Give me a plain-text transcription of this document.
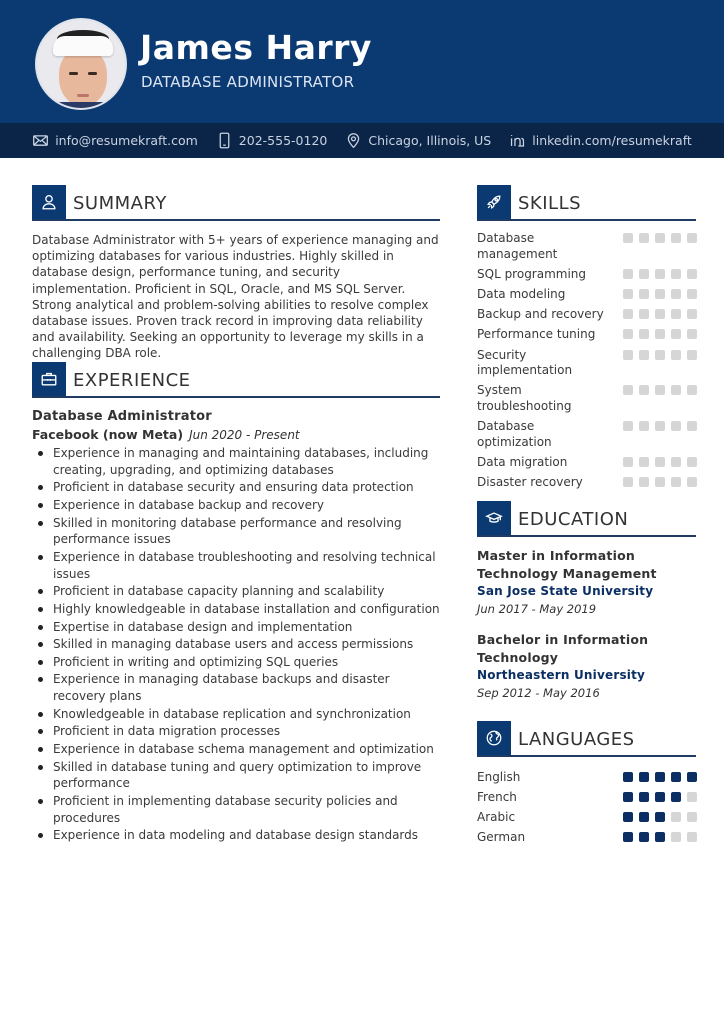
James Harry
DATABASE ADMINISTRATOR
info@resumekraft.com	202-555-0120	Chicago, Illinois, US	linkedin.com/resumekraft
SUMMARY

Database Administrator with 5+ years of experience managing and optimizing databases for various industries. Highly skilled in database design, performance tuning, and security implementation. Proficient in SQL, Oracle, and MS SQL Server. Strong analytical and problem-solving abilities to resolve complex database issues. Proven track record in improving data reliability and availability. Seeking an opportunity to leverage my skills in a challenging DBA role.

EXPERIENCE
Database Administrator
Facebook (now Meta) Jun 2020 - Present
Experience in managing and maintaining databases, including creating, upgrading, and optimizing databases
Proficient in database security and ensuring data protection
Experience in database backup and recovery
Skilled in monitoring database performance and resolving performance issues
Experience in database troubleshooting and resolving technical issues
Proficient in database capacity planning and scalability
Highly knowledgeable in database installation and configuration
Expertise in database design and implementation
Skilled in managing database users and access permissions
Proficient in writing and optimizing SQL queries
Experience in managing database backups and disaster recovery plans
Knowledgeable in database replication and synchronization
Proficient in data migration processes
Experience in database schema management and optimization
Skilled in database tuning and query optimization to improve performance
Proficient in implementing database security policies and procedures
Experience in data modeling and database design standards
SKILLS
Database management
SQL programming
Data modeling
Backup and recovery
Performance tuning
Security implementation
System troubleshooting
Database optimization
Data migration
Disaster recovery
EDUCATION
Master in Information Technology Management
San Jose State University
Jun 2017 - May 2019
Bachelor in Information Technology
Northeastern University
Sep 2012 - May 2016
LANGUAGES
English
French
Arabic
German
